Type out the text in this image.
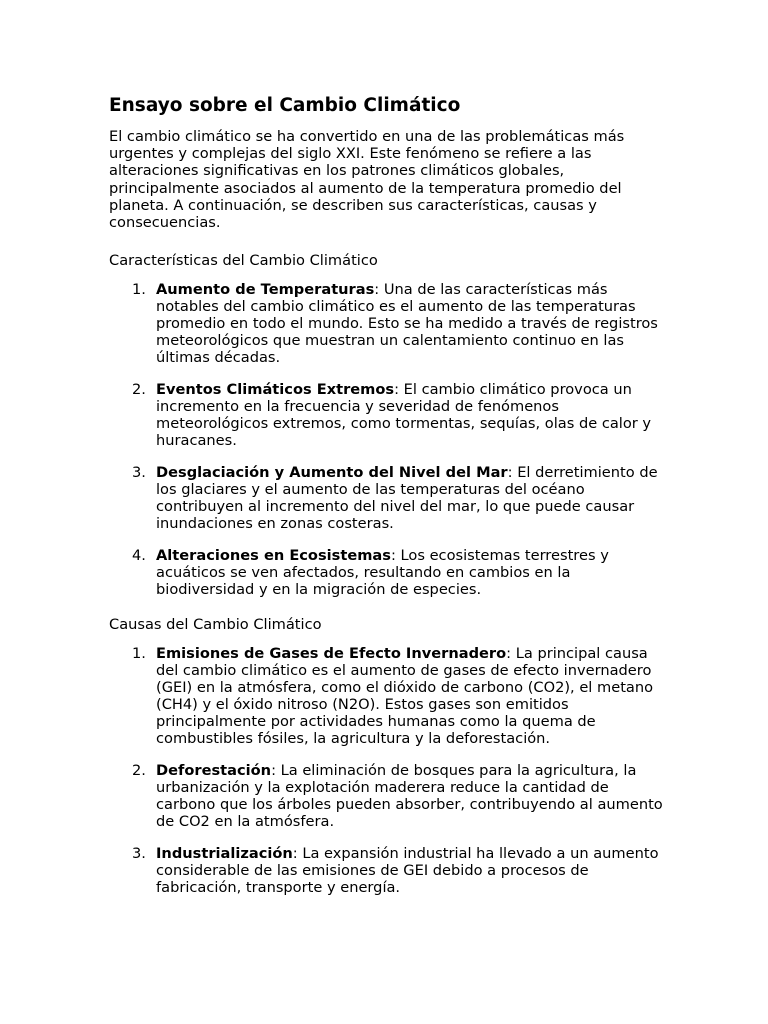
Ensayo sobre el Cambio Climático

El cambio climático se ha convertido en una de las problemáticas más urgentes y complejas del siglo XXI. Este fenómeno se refiere a las alteraciones significativas en los patrones climáticos globales, principalmente asociados al aumento de la temperatura promedio del planeta. A continuación, se describen sus características, causas y consecuencias.

Características del Cambio Climático
1. Aumento de Temperaturas: Una de las características más notables del cambio climático es el aumento de las temperaturas promedio en todo el mundo. Esto se ha medido a través de registros meteorológicos que muestran un calentamiento continuo en las últimas décadas.
2. Eventos Climáticos Extremos: El cambio climático provoca un incremento en la frecuencia y severidad de fenómenos meteorológicos extremos, como tormentas, sequías, olas de calor y huracanes.
3. Desglaciación y Aumento del Nivel del Mar: El derretimiento de los glaciares y el aumento de las temperaturas del océano contribuyen al incremento del nivel del mar, lo que puede causar inundaciones en zonas costeras.
4. Alteraciones en Ecosistemas: Los ecosistemas terrestres y acuáticos se ven afectados, resultando en cambios en la biodiversidad y en la migración de especies.
Causas del Cambio Climático
1. Emisiones de Gases de Efecto Invernadero: La principal causa del cambio climático es el aumento de gases de efecto invernadero (GEI) en la atmósfera, como el dióxido de carbono (CO2), el metano (CH4) y el óxido nitroso (N2O). Estos gases son emitidos principalmente por actividades humanas como la quema de combustibles fósiles, la agricultura y la deforestación.
2. Deforestación: La eliminación de bosques para la agricultura, la urbanización y la explotación maderera reduce la cantidad de carbono que los árboles pueden absorber, contribuyendo al aumento de CO2 en la atmósfera.
3. Industrialización: La expansión industrial ha llevado a un aumento considerable de las emisiones de GEI debido a procesos de fabricación, transporte y energía.
